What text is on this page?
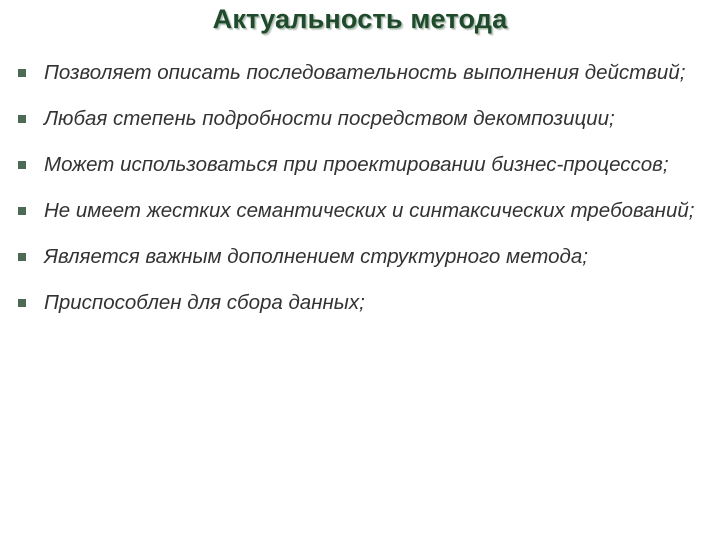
Актуальность метода
Позволяет описать последовательность выполнения действий;
Любая степень подробности посредством декомпозиции;
Может использоваться при проектировании бизнес-процессов;
Не имеет жестких семантических и синтаксических требований;
Является важным дополнением структурного метода;
Приспособлен для сбора данных;
